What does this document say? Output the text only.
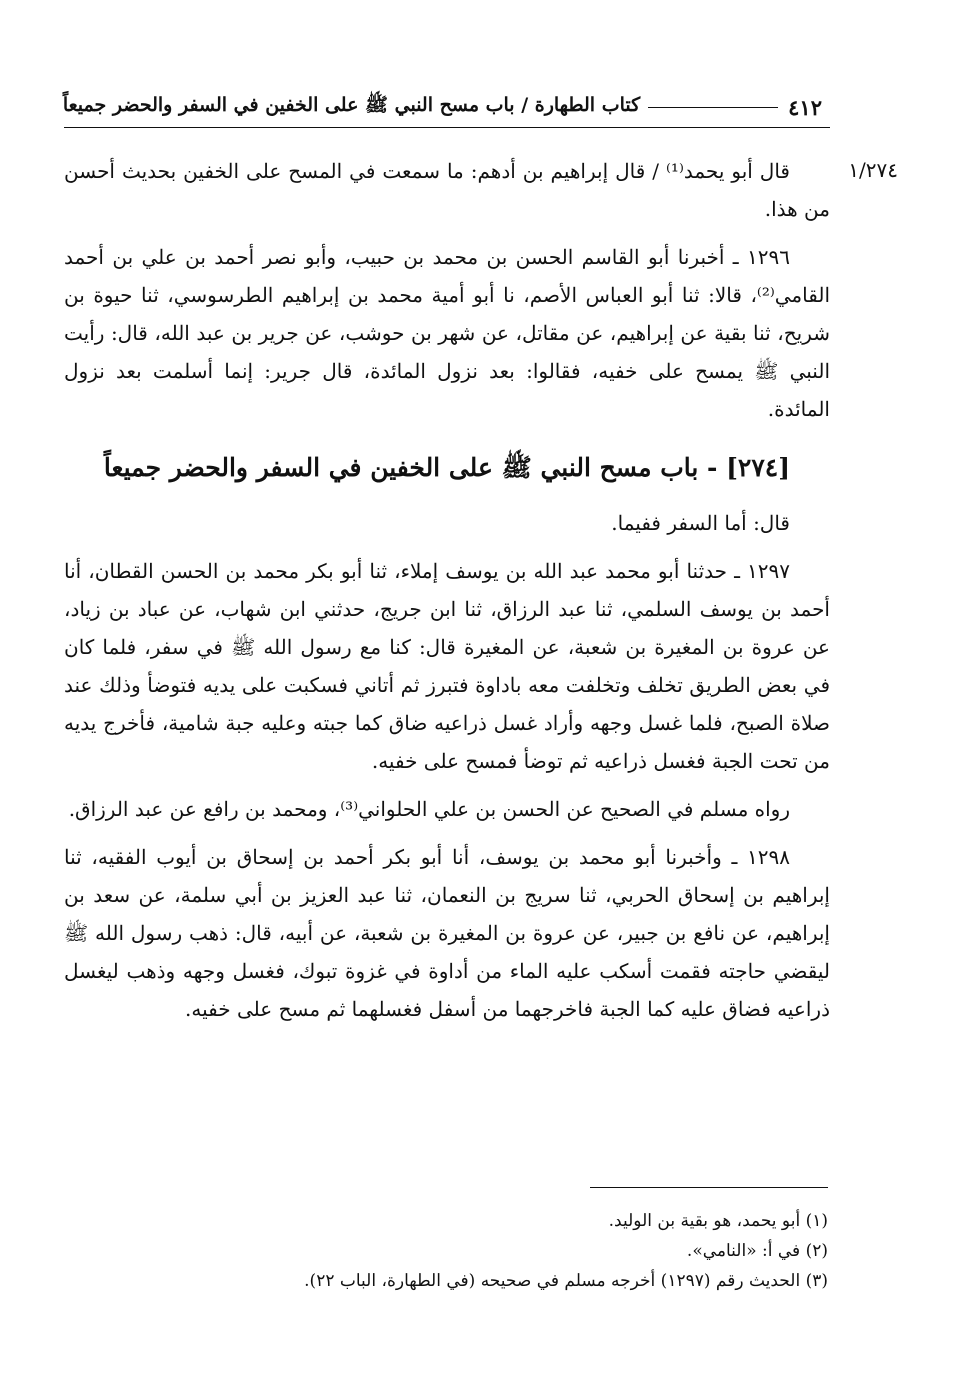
٤١٢
كتاب الطهارة / باب مسح النبي ﷺ على الخفين في السفر والحضر جميعاً
١/٢٧٤

قال أبو يحمد⁽¹⁾ / قال إبراهيم بن أدهم: ما سمعت في المسح على الخفين بحديث أحسن من هذا.

١٢٩٦ ـ أخبرنا أبو القاسم الحسن بن محمد بن حبيب، وأبو نصر أحمد بن علي بن أحمد القامي⁽²⁾، قالا: ثنا أبو العباس الأصم، نا أبو أمية محمد بن إبراهيم الطرسوسي، ثنا حيوة بن شريح، ثنا بقية عن إبراهيم، عن مقاتل، عن شهر بن حوشب، عن جرير بن عبد الله، قال: رأيت النبي ﷺ يمسح على خفيه، فقالوا: بعد نزول المائدة، قال جرير: إنما أسلمت بعد نزول المائدة.

[٢٧٤] - باب مسح النبي ﷺ على الخفين في السفر والحضر جميعاً

قال: أما السفر ففيما.

١٢٩٧ ـ حدثنا أبو محمد عبد الله بن يوسف إملاء، ثنا أبو بكر محمد بن الحسن القطان، أنا أحمد بن يوسف السلمي، ثنا عبد الرزاق، ثنا ابن جريج، حدثني ابن شهاب، عن عباد بن زياد، عن عروة بن المغيرة بن شعبة، عن المغيرة قال: كنا مع رسول الله ﷺ في سفر، فلما كان في بعض الطريق تخلف وتخلفت معه باداوة فتبرز ثم أتاني فسكبت على يديه فتوضأ وذلك عند صلاة الصبح، فلما غسل وجهه وأراد غسل ذراعيه ضاق كما جبته وعليه جبة شامية، فأخرج يديه من تحت الجبة فغسل ذراعيه ثم توضأ فمسح على خفيه.

رواه مسلم في الصحيح عن الحسن بن علي الحلواني⁽³⁾، ومحمد بن رافع عن عبد الرزاق.

١٢٩٨ ـ وأخبرنا أبو محمد بن يوسف، أنا أبو بكر أحمد بن إسحاق بن أيوب الفقيه، ثنا إبراهيم بن إسحاق الحربي، ثنا سريج بن النعمان، ثنا عبد العزيز بن أبي سلمة، عن سعد بن إبراهيم، عن نافع بن جبير، عن عروة بن المغيرة بن شعبة، عن أبيه، قال: ذهب رسول الله ﷺ ليقضي حاجته فقمت أسكب عليه الماء من أداوة في غزوة تبوك، فغسل وجهه وذهب ليغسل ذراعيه فضاق عليه كما الجبة فاخرجهما من أسفل فغسلهما ثم مسح على خفيه.

(١) أبو يحمد، هو بقية بن الوليد.
(٢) في أ: «النامي».
(٣) الحديث رقم (١٢٩٧) أخرجه مسلم في صحيحه (في الطهارة، الباب ٢٢).
